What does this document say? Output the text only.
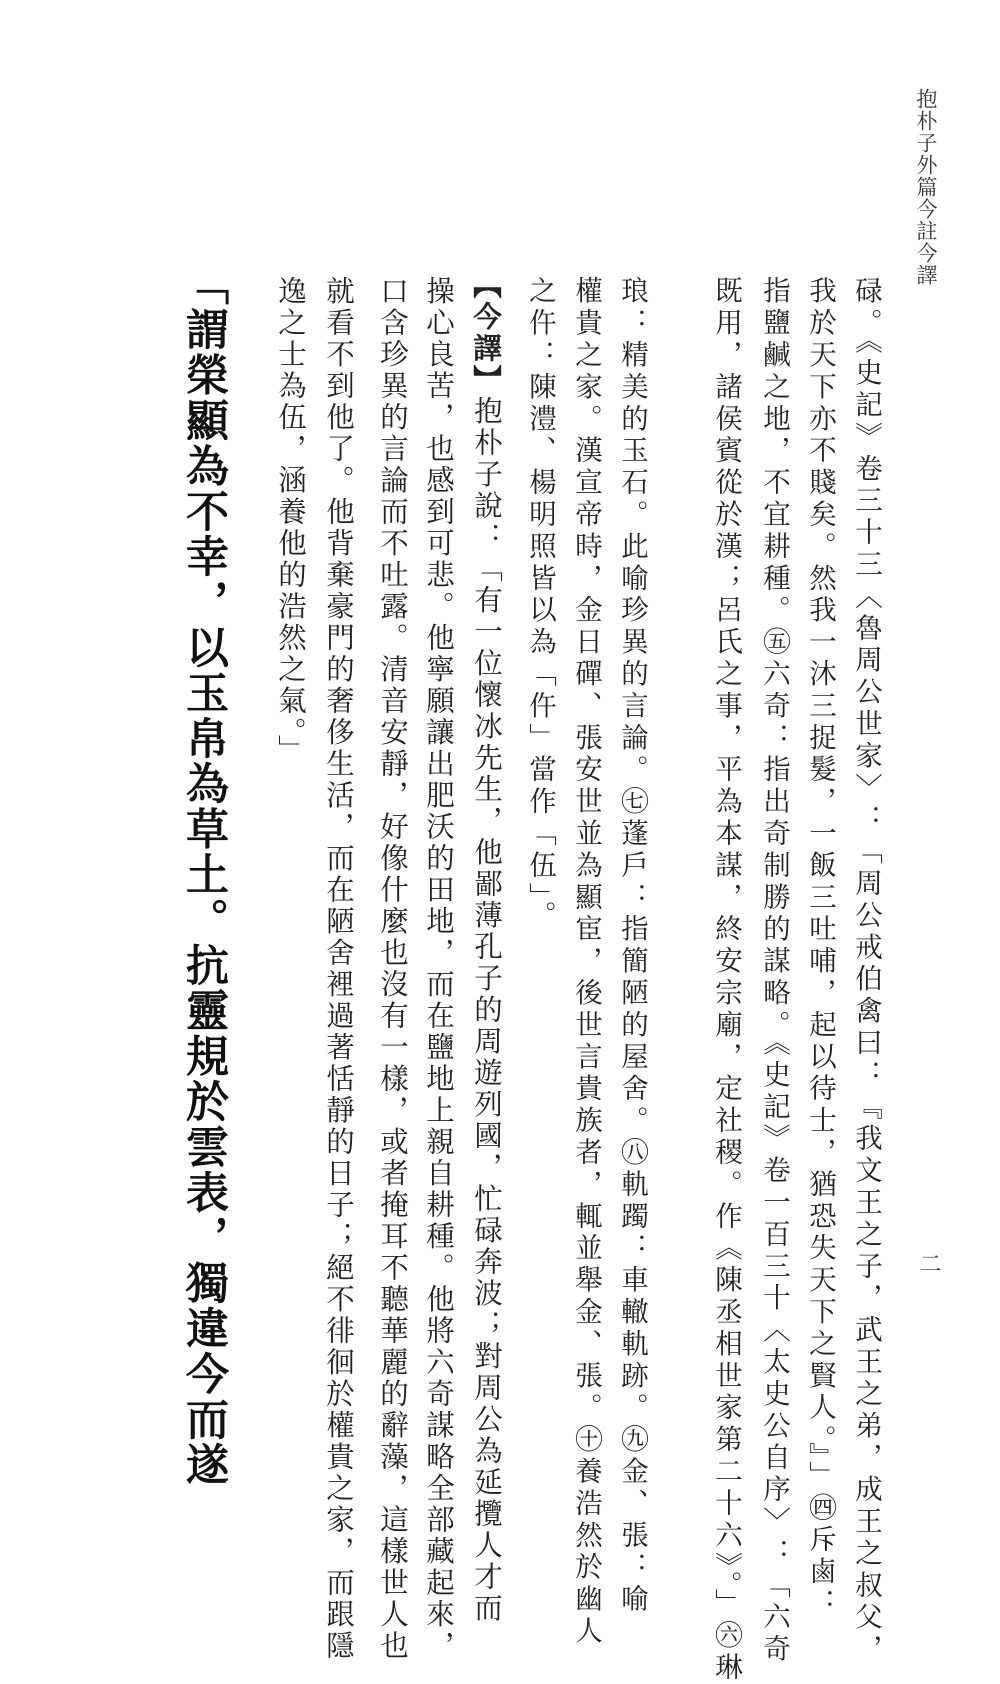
抱朴子外篇今註今譯
碌。《史記》卷三十三〈魯周公世家〉：「周公戒伯禽曰：『我文王之子，武王之弟，成王之叔父，
我於天下亦不賤矣。然我一沐三捉髮，一飯三吐哺，起以待士，猶恐失天下之賢人。』」㊃斥鹵：
指鹽鹹之地，不宜耕種。㊄六奇：指出奇制勝的謀略。《史記》卷一百三十〈太史公自序〉：「六奇
既用，諸侯賓從於漢；呂氏之事，平為本謀，終安宗廟，定社稷。作《陳丞相世家第二十六》。」㊅琳
琅：精美的玉石。此喻珍異的言論。㊆蓬戶：指簡陋的屋舍。㊇軌躅：車轍軌跡。㊈金、張：喻
權貴之家。漢宣帝時，金日磾、張安世並為顯宦，後世言貴族者，輒並舉金、張。㊉養浩然於幽人
之仵：陳澧、楊明照皆以為「仵」當作「伍」。
【今譯】抱朴子說：「有一位懷冰先生，他鄙薄孔子的周遊列國，忙碌奔波；對周公為延攬人才而
操心良苦，也感到可悲。他寧願讓出肥沃的田地，而在鹽地上親自耕種。他將六奇謀略全部藏起來，
口含珍異的言論而不吐露。清音安靜，好像什麼也沒有一樣，或者掩耳不聽華麗的辭藻，這樣世人也
就看不到他了。他背棄豪門的奢侈生活，而在陋舍裡過著恬靜的日子；絕不徘徊於權貴之家，而跟隱
逸之士為伍，涵養他的浩然之氣。」
「謂榮顯為不幸，以玉帛為草土。抗靈規於雲表，獨違今而遂	二
